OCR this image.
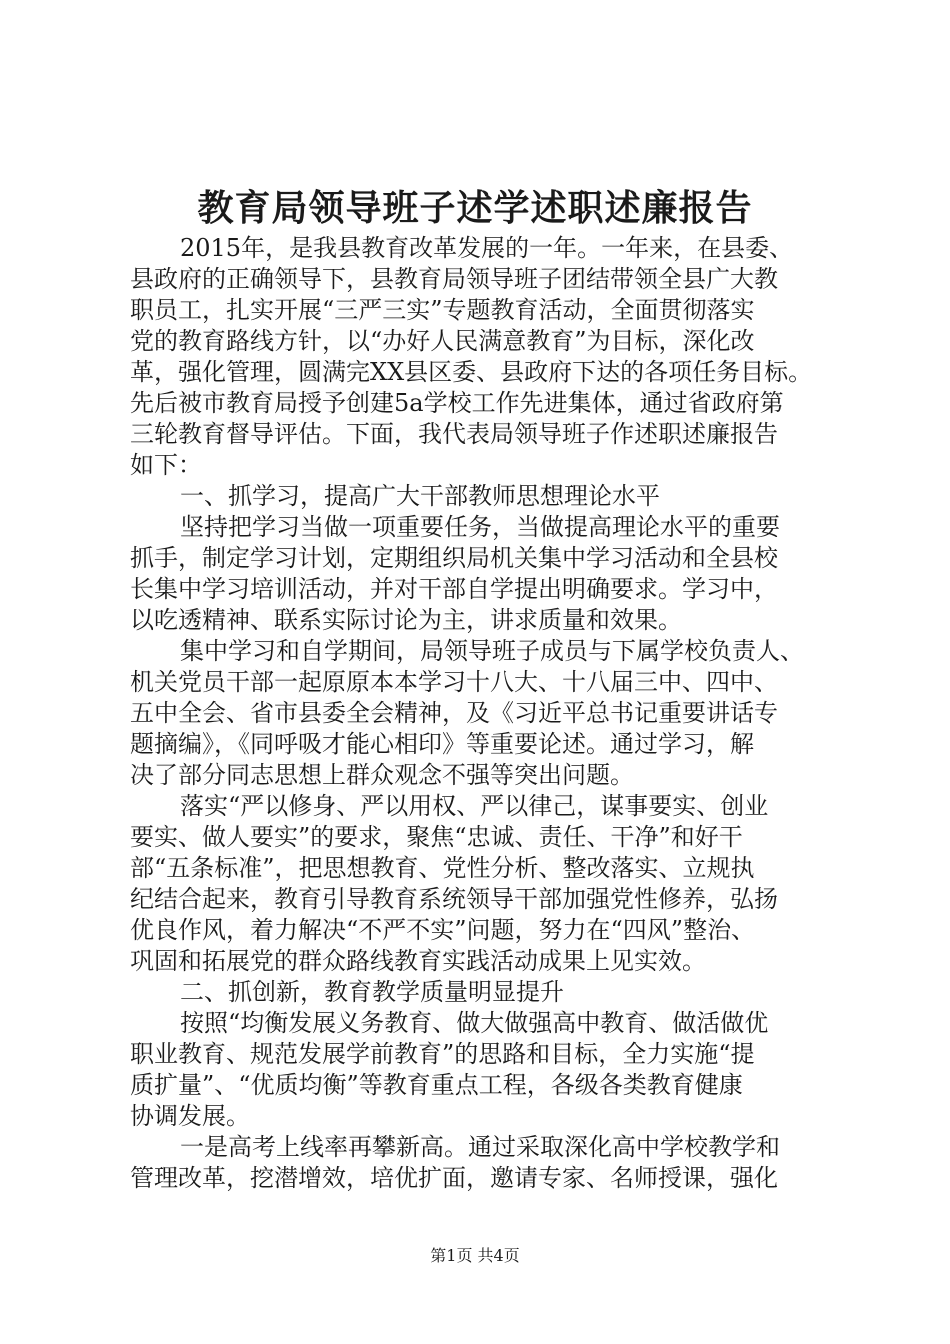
教育局领导班子述学述职述廉报告
2015年，是我县教育改革发展的一年。一年来，在县委、
县政府的正确领导下，县教育局领导班子团结带领全县广大教
职员工，扎实开展“三严三实”专题教育活动，全面贯彻落实
党的教育路线方针，以“办好人民满意教育”为目标，深化改
革，强化管理，圆满完XX县区委、县政府下达的各项任务目标。
先后被市教育局授予创建5a学校工作先进集体，通过省政府第
三轮教育督导评估。下面，我代表局领导班子作述职述廉报告
如下：
一、抓学习，提高广大干部教师思想理论水平
坚持把学习当做一项重要任务，当做提高理论水平的重要
抓手，制定学习计划，定期组织局机关集中学习活动和全县校
长集中学习培训活动，并对干部自学提出明确要求。学习中，
以吃透精神、联系实际讨论为主，讲求质量和效果。
集中学习和自学期间，局领导班子成员与下属学校负责人、
机关党员干部一起原原本本学习十八大、十八届三中、四中、
五中全会、省市县委全会精神，及《习近平总书记重要讲话专
题摘编》，《同呼吸才能心相印》等重要论述。通过学习，解
决了部分同志思想上群众观念不强等突出问题。
落实“严以修身、严以用权、严以律己，谋事要实、创业
要实、做人要实”的要求，聚焦“忠诚、责任、干净”和好干
部“五条标准”，把思想教育、党性分析、整改落实、立规执
纪结合起来，教育引导教育系统领导干部加强党性修养，弘扬
优良作风，着力解决“不严不实”问题，努力在“四风”整治、
巩固和拓展党的群众路线教育实践活动成果上见实效。
二、抓创新，教育教学质量明显提升
按照“均衡发展义务教育、做大做强高中教育、做活做优
职业教育、规范发展学前教育”的思路和目标，全力实施“提
质扩量”、“优质均衡”等教育重点工程，各级各类教育健康
协调发展。
一是高考上线率再攀新高。通过采取深化高中学校教学和
管理改革，挖潜增效，培优扩面，邀请专家、名师授课，强化
第1页 共4页
